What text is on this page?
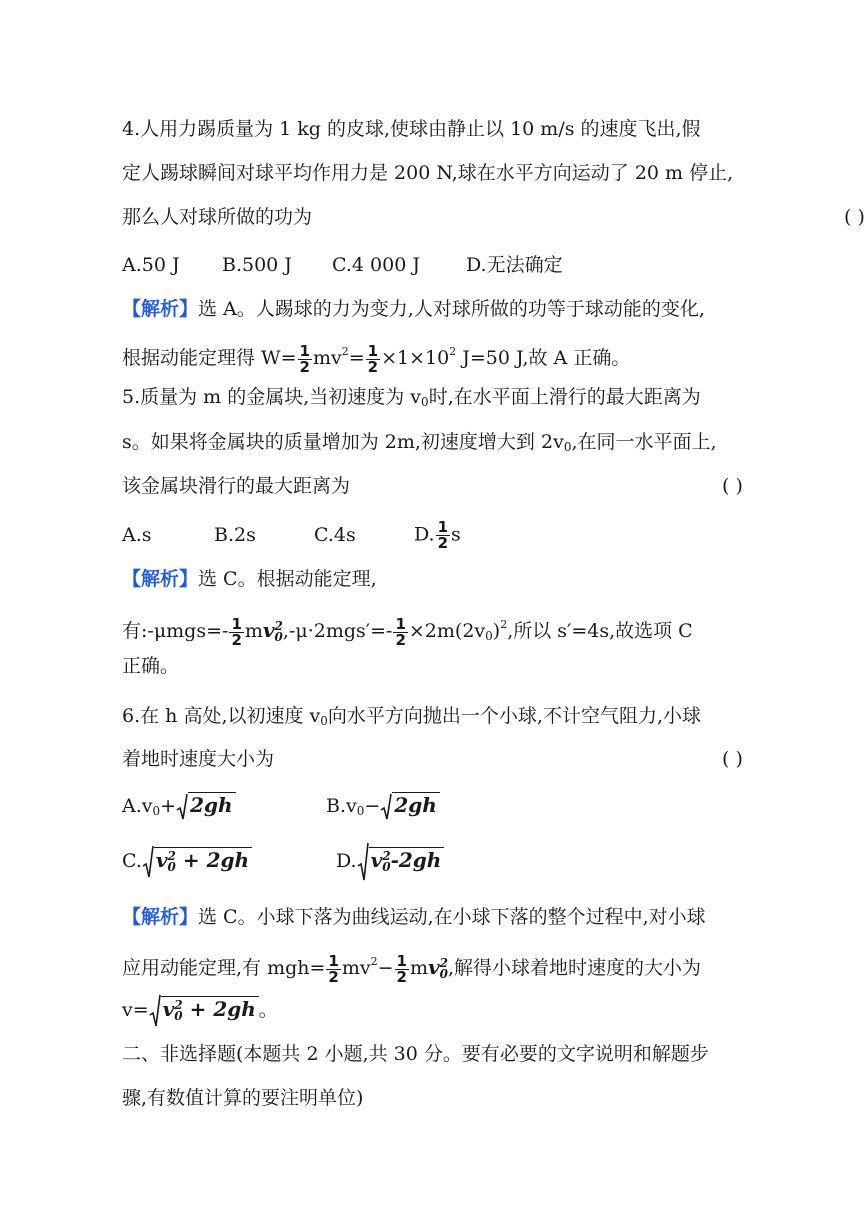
4.人用力踢质量为 1 kg 的皮球,使球由静止以 10 m/s 的速度飞出,假
定人踢球瞬间对球平均作用力是 200 N,球在水平方向运动了 20 m 停止,
那么人对球所做的功为	( )
A.50 J B.500 J C.4 000 J D.无法确定
【解析】选 A。人踢球的力为变力,人对球所做的功等于球动能的变化,
根据动能定理得 $W= \frac{1}{2} mv^2= \frac{1}{2} \times 1\times 10^2$ J=50 J,故 A 正确。
5.质量为 m 的金属块,当初速度为 $v_0$时,在水平面上滑行的最大距离为
s。如果将金属块的质量增加为 2m,初速度增大到 $2v_0$,在同一水平面上,
该金属块滑行的最大距离为	( )
A.s	B.2s	C.4s	D. $\frac{1}{2}$ s
【解析】选 C。根据动能定理,
有:-μmgs=- $\frac{1}{2}$ mv 2
0 $,-\mu\cdot 2mgs'=- \frac{1}{2} \times 2m(2v_0)^2$,所以 s′=4s,故选项 C
正确。
6.在 h 高处,以初速度 $v_0$向水平方向抛出一个小球,不计空气阻力,小球
着地时速度大小为	( )
$A.v_0+ 2gh$	$B.v_0- 2gh$
C. v 2
0 + 2gh	D. v 2
0 -2gh
【解析】选 C。小球下落为曲线运动,在小球下落的整个过程中,对小球
应用动能定理,有 $mgh= \frac{1}{2} mv^2- \frac{1}{2}$ mv 2
0 ,解得小球着地时速度的大小为
v= v 2
0 + 2gh 。
二、非选择题(本题共 2 小题,共 30 分。要有必要的文字说明和解题步
骤,有数值计算的要注明单位)
